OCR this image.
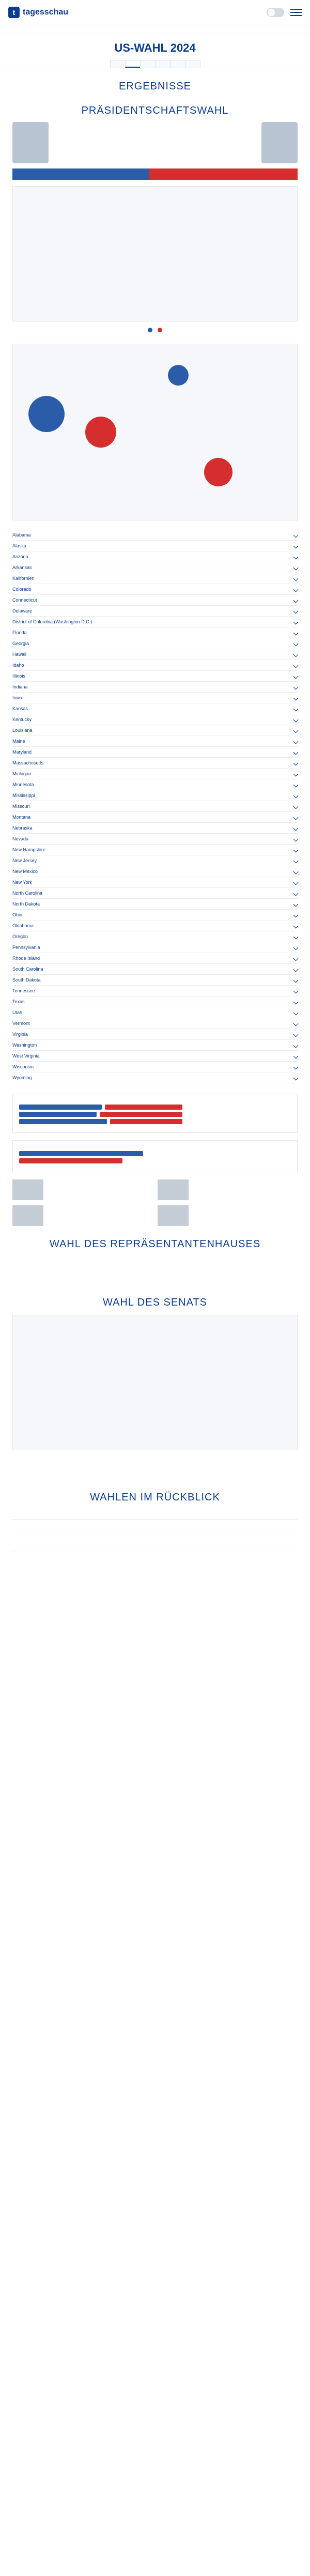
t tagesschau
US-WAHL 2024
ERGEBNISSE

PRÄSIDENTSCHAFTSWAHL

Alabama
Alaska
Arizona
Arkansas
Kalifornien
Colorado
Connecticut
Delaware
District of Columbia (Washington D.C.)
Florida
Georgia
Hawaii
Idaho
Illinois
Indiana
Iowa
Kansas
Kentucky
Louisiana
Maine
Maryland
Massachusetts
Michigan
Minnesota
Mississippi
Missouri
Montana
Nebraska
Nevada
New Hampshire
New Jersey
New Mexico
New York
North Carolina
North Dakota
Ohio
Oklahoma
Oregon
Pennsylvania
Rhode Island
South Carolina
South Dakota
Tennessee
Texas
Utah
Vermont
Virginia
Washington
West Virginia
Wisconsin
Wyoming

WAHL DES REPRÄSENTANTENHAUSES
WAHL DES SENATS

WAHLEN IM RÜCKBLICK
